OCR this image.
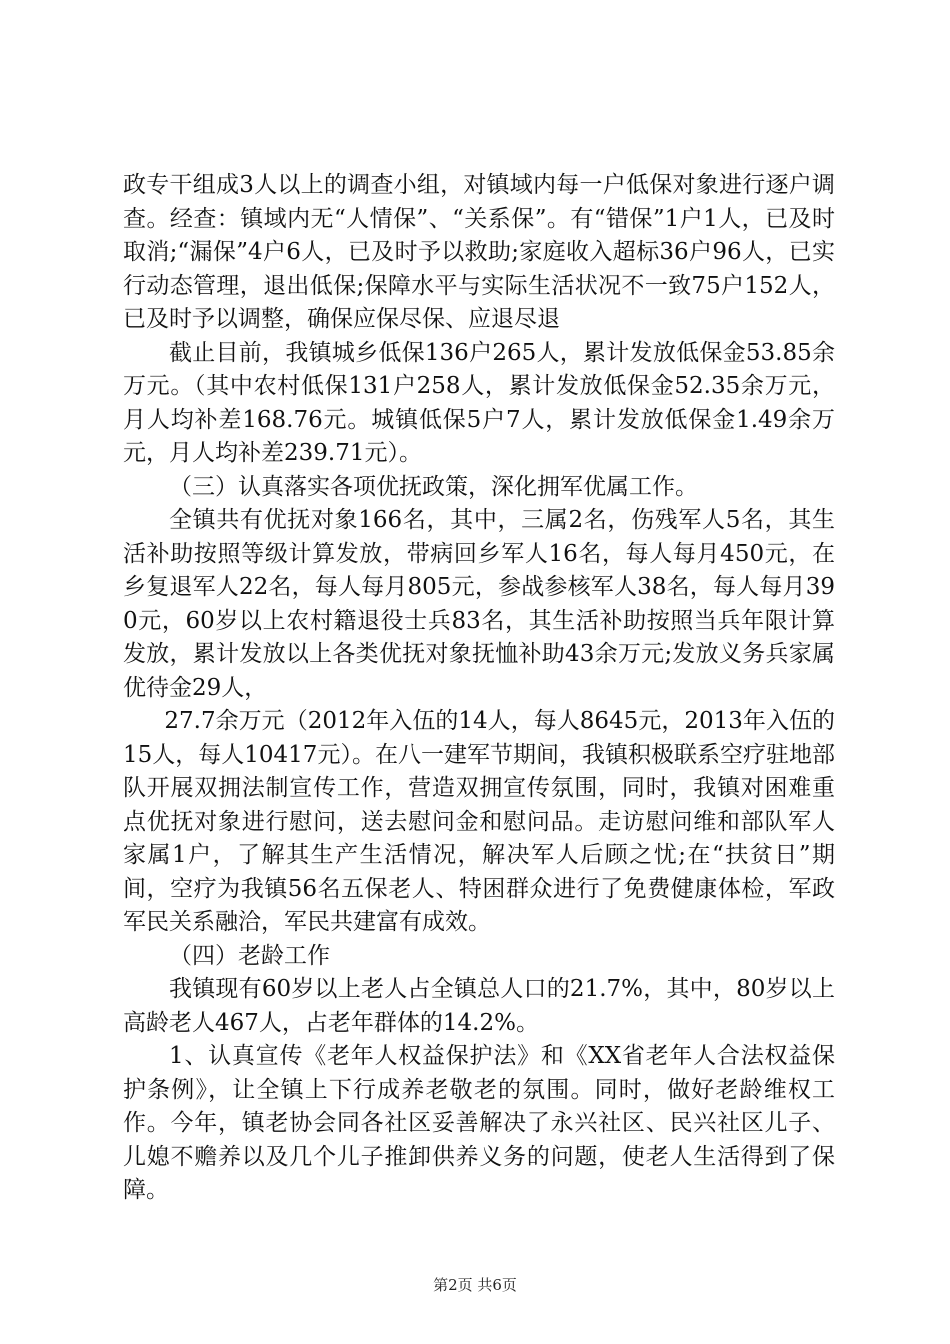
政专干组成3人以上的调查小组，对镇域内每一户低保对象进行逐户调查。经查：镇域内无“人情保”、“关系保”。有“错保”1户1人，已及时取消;“漏保”4户6人，已及时予以救助;家庭收入超标36户96人，已实行动态管理，退出低保;保障水平与实际生活状况不一致75户152人，已及时予以调整，确保应保尽保、应退尽退

截止目前，我镇城乡低保136户265人，累计发放低保金53.85余万元。（其中农村低保131户258人，累计发放低保金52.35余万元，月人均补差168.76元。城镇低保5户7人，累计发放低保金1.49余万元，月人均补差239.71元）。

（三）认真落实各项优抚政策，深化拥军优属工作。

全镇共有优抚对象166名，其中，三属2名，伤残军人5名，其生活补助按照等级计算发放，带病回乡军人16名，每人每月450元，在乡复退军人22名，每人每月805元，参战参核军人38名，每人每月390元，60岁以上农村籍退役士兵83名，其生活补助按照当兵年限计算发放，累计发放以上各类优抚对象抚恤补助43余万元;发放义务兵家属优待金29人，

27.7余万元（2012年入伍的14人，每人8645元，2013年入伍的15人，每人10417元）。在八一建军节期间，我镇积极联系空疗驻地部队开展双拥法制宣传工作，营造双拥宣传氛围，同时，我镇对困难重点优抚对象进行慰问，送去慰问金和慰问品。走访慰问维和部队军人家属1户，了解其生产生活情况，解决军人后顾之忧;在“扶贫日”期间，空疗为我镇56名五保老人、特困群众进行了免费健康体检，军政军民关系融洽，军民共建富有成效。

（四）老龄工作

我镇现有60岁以上老人占全镇总人口的21.7%，其中，80岁以上高龄老人467人，占老年群体的14.2%。

1、认真宣传《老年人权益保护法》和《XX省老年人合法权益保护条例》，让全镇上下行成养老敬老的氛围。同时，做好老龄维权工作。今年，镇老协会同各社区妥善解决了永兴社区、民兴社区儿子、儿媳不赡养以及几个儿子推卸供养义务的问题，使老人生活得到了保障。

第2页 共6页
